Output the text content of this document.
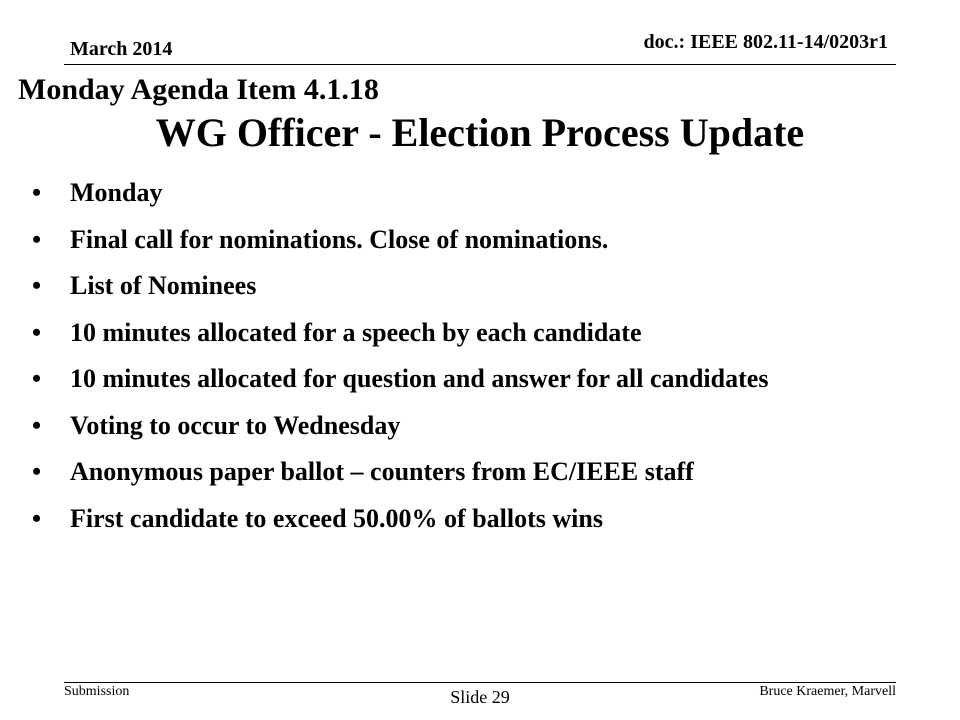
March 2014	doc.: IEEE 802.11-14/0203r1
Monday Agenda Item 4.1.18
WG Officer - Election Process Update
•	Monday
•	Final call for nominations. Close of nominations.
•	List of Nominees
•	10 minutes allocated for a speech by each candidate
•	10 minutes allocated for question and answer for all candidates
•	Voting to occur to Wednesday
•	Anonymous paper ballot – counters from EC/IEEE staff
•	First candidate to exceed 50.00% of ballots wins
Submission	Slide 29	Bruce Kraemer, Marvell
